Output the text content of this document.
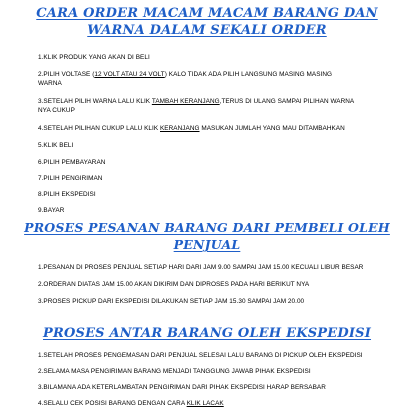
CARA ORDER MACAM MACAM BARANG DAN
WARNA DALAM SEKALI ORDER
1.KLIK PRODUK YANG AKAN DI BELI
2.PILIH VOLTASE (12 VOLT ATAU 24 VOLT) KALO TIDAK ADA PILIH LANGSUNG MASING MASING
WARNA
3.SETELAH PILIH WARNA LALU KLIK TAMBAH KERANJANG,TERUS DI ULANG SAMPAI PILIHAN WARNA
NYA CUKUP
4.SETELAH PILIHAN CUKUP LALU KLIK KERANJANG MASUKAN JUMLAH YANG MAU DITAMBAHKAN
5.KLIK BELI
6.PILIH PEMBAYARAN
7.PILIH PENGIRIMAN
8.PILIH EKSPEDISI
9.BAYAR
PROSES PESANAN BARANG DARI PEMBELI OLEH
PENJUAL
1.PESANAN DI PROSES PENJUAL SETIAP HARI DARI JAM 9.00 SAMPAI JAM 15.00 KECUALI LIBUR BESAR
2.ORDERAN DIATAS JAM 15.00 AKAN DIKIRIM DAN DIPROSES PADA HARI BERIKUT NYA
3.PROSES PICKUP DARI EKSPEDISI DILAKUKAN SETIAP JAM 15.30 SAMPAI JAM 20.00
PROSES ANTAR BARANG OLEH EKSPEDISI
1.SETELAH PROSES PENGEMASAN DARI PENJUAL SELESAI LALU BARANG DI PICKUP OLEH EKSPEDISI
2.SELAMA MASA PENGIRIMAN BARANG MENJADI TANGGUNG JAWAB PIHAK EKSPEDISI
3.BILAMANA ADA KETERLAMBATAN PENGIRIMAN DARI PIHAK EKSPEDISI HARAP BERSABAR
4.SELALU CEK POSISI BARANG DENGAN CARA KLIK LACAK
